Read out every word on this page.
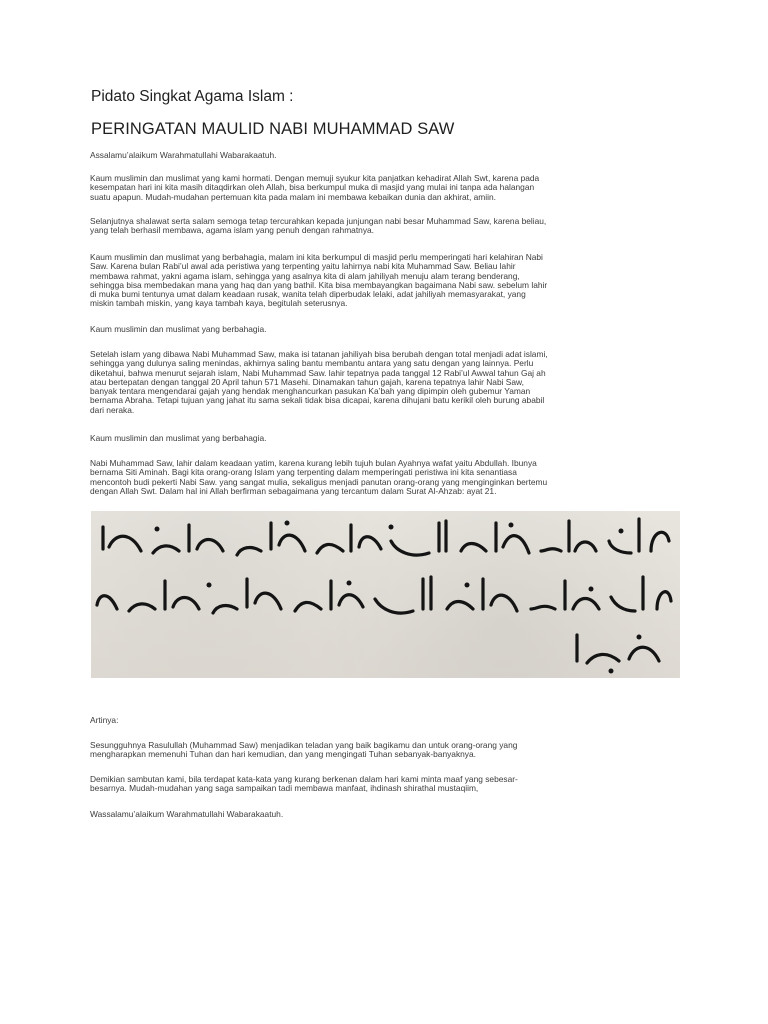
Pidato Singkat Agama Islam :
PERINGATAN MAULID NABI MUHAMMAD SAW

Assalamu’alaikum Warahmatullahi Wabarakaatuh.

Kaum muslimin dan muslimat yang kami hormati. Dengan memuji syukur kita panjatkan kehadirat Allah Swt, karena pada
kesempatan hari ini kita masih ditaqdirkan oleh Allah, bisa berkumpul muka di masjid yang mulai ini tanpa ada halangan
suatu apapun. Mudah-mudahan pertemuan kita pada malam ini membawa kebaikan dunia dan akhirat, amiin.

Selanjutnya shalawat serta salam semoga tetap tercurahkan kepada junjungan nabi besar Muhammad Saw, karena beliau,
yang telah berhasil membawa, agama islam yang penuh dengan rahmatnya.

Kaum muslimin dan muslimat yang berbahagia, malam ini kita berkumpul di masjid perlu memperingati hari kelahiran Nabi
Saw. Karena bulan Rabi’ul awal ada peristiwa yang terpenting yaitu lahirnya nabi kita Muhammad Saw. Beliau lahir
membawa rahmat, yakni agama islam, sehingga yang asalnya kita di alam jahiliyah menuju alam terang benderang,
sehingga bisa membedakan mana yang haq dan yang bathil. Kita bisa membayangkan bagaimana Nabi saw. sebelum lahir
di muka bumi tentunya umat dalam keadaan rusak, wanita telah diperbudak lelaki, adat jahiliyah memasyarakat, yang
miskin tambah miskin, yang kaya tambah kaya, begitulah seterusnya.

Kaum muslimin dan muslimat yang berbahagia.

Setelah islam yang dibawa Nabi Muhammad Saw, maka isi tatanan jahiliyah bisa berubah dengan total menjadi adat islami,
sehingga yang dulunya saling menindas, akhirnya saling bantu membantu antara yang satu dengan yang lainnya. Perlu
diketahui, bahwa menurut sejarah islam, Nabi Muhammad Saw. lahir tepatnya pada tanggal 12 Rabi’ul Awwal tahun Gaj ah
atau bertepatan dengan tanggal 20 April tahun 571 Masehi. Dinamakan tahun gajah, karena tepatnya lahir Nabi Saw,
banyak tentara mengendarai gajah yang hendak menghancurkan pasukan Ka’bah yang dipimpin oleh gubemur Yaman
bernama Abraha. Tetapi tujuan yang jahat itu sama sekali tidak bisa dicapai, karena dihujani batu kerikil oleh burung ababil
dari neraka.

Kaum muslimin dan muslimat yang berbahagia.

Nabi Muhammad Saw, lahir dalam keadaan yatim, karena kurang lebih tujuh bulan Ayahnya wafat yaitu Abdullah. Ibunya
bernama Siti Aminah. Bagi kita orang-orang Islam yang terpenting dalam memperingati peristiwa ini kita senantiasa
mencontoh budi pekerti Nabi Saw. yang sangat mulia, sekaligus menjadi panutan orang-orang yang menginginkan bertemu
dengan Allah Swt. Dalam hal ini Allah berfirman sebagaimana yang tercantum dalam Surat Al-Ahzab: ayat 21.

Artinya:

Sesungguhnya Rasulullah (Muhammad Saw) menjadikan teladan yang baik bagikamu dan untuk orang-orang yang
mengharapkan memenuhi Tuhan dan hari kemudian, dan yang mengingati Tuhan sebanyak-banyaknya.

Demikian sambutan kami, bila terdapat kata-kata yang kurang berkenan dalam hari kami minta maaf yang sebesar-
besarnya. Mudah-mudahan yang saga sampaikan tadi membawa manfaat, ihdinash shirathal mustaqiim,

Wassalamu’alaikum Warahmatullahi Wabarakaatuh.
